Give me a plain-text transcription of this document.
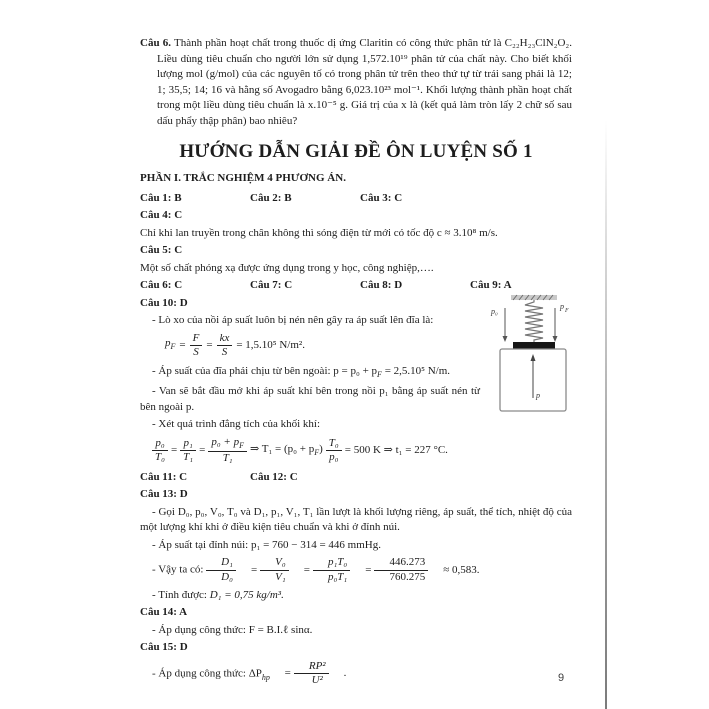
Câu 6. Thành phần hoạt chất trong thuốc dị ứng Claritin có công thức phân tử là C₂₂H₂₃ClN₂O₂. Liều dùng tiêu chuẩn cho người lớn sử dụng 1,572.10¹⁹ phân tử của chất này. Cho biết khối lượng mol (g/mol) của các nguyên tố có trong phân tử trên theo thứ tự từ trái sang phải là 12; 1; 35,5; 14; 16 và hằng số Avogadro bằng 6,023.10²³ mol⁻¹. Khối lượng thành phần hoạt chất trong một liều dùng tiêu chuẩn là x.10⁻⁵ g. Giá trị của x là (kết quả làm tròn lấy 2 chữ số sau dấu phẩy thập phân) bao nhiêu?

HƯỚNG DẪN GIẢI ĐỀ ÔN LUYỆN SỐ 1
PHẦN I. TRẮC NGHIỆM 4 PHƯƠNG ÁN.
Câu 1: B	Câu 2: B	Câu 3: C
Câu 4: C
Chỉ khi lan truyền trong chân không thì sóng điện từ mới có tốc độ c ≈ 3.10⁸ m/s.
Câu 5: C
Một số chất phóng xạ được ứng dụng trong y học, công nghiệp,….
Câu 6: C	Câu 7: C	Câu 8: D	Câu 9: A
Câu 10: D
- Lò xo của nồi áp suất luôn bị nén nên gây ra áp suất lên đĩa là:
$p_F = \frac{F}{S} = \frac{kx}{S} = 1,5.10^5$ N/m².
- Áp suất của đĩa phải chịu từ bên ngoài: $p = p_0 + p_F = 2,5.10^5$ N/m.
- Van sẽ bắt đầu mở khi áp suất khí bên trong nồi p₁ bằng áp suất nén từ bên ngoài p.
- Xét quá trình đẳng tích của khối khí:
$\frac{\text{p₀}}{\text{T₀}} = \frac{\text{p₁}}{\text{T₁}} = \frac{p_0 + p_F}{\text{T₁}}$ ⇒ $T_1 = (p_0 + p_F) \frac{\text{T₀}}{\text{p₀}} = 500$ K ⇒ t₁ = 227 °C.
p₀
p F
p
Câu 11: C	Câu 12: C
Câu 13: D
- Gọi D₀, p₀, V₀, T₀ và D₁, p₁, V₁, T₁ lần lượt là khối lượng riêng, áp suất, thể tích, nhiệt độ của một lượng khí khi ở điều kiện tiêu chuẩn và khi ở đỉnh núi.
- Áp suất tại đỉnh núi: p₁ = 760 − 314 = 446 mmHg.
- Vậy ta có: $\frac{\text{D₁}}{\text{D₀}}$	= $\frac{\text{V₀}}{\text{V₁}}$	= $\frac{\text{p₁T₀}}{\text{p₀T₁}}$	= $\frac{446.273}{760.275}$	≈ 0,583.
- Tính được: D₁ = 0,75 kg/m³.
Câu 14: A
- Áp dụng công thức: F = B.I.ℓ sinα.
Câu 15: D
- Áp dụng công thức: $\Delta P_{hp}$	= $\frac{\text{RP²}}{\text{U²}}$	.	9
